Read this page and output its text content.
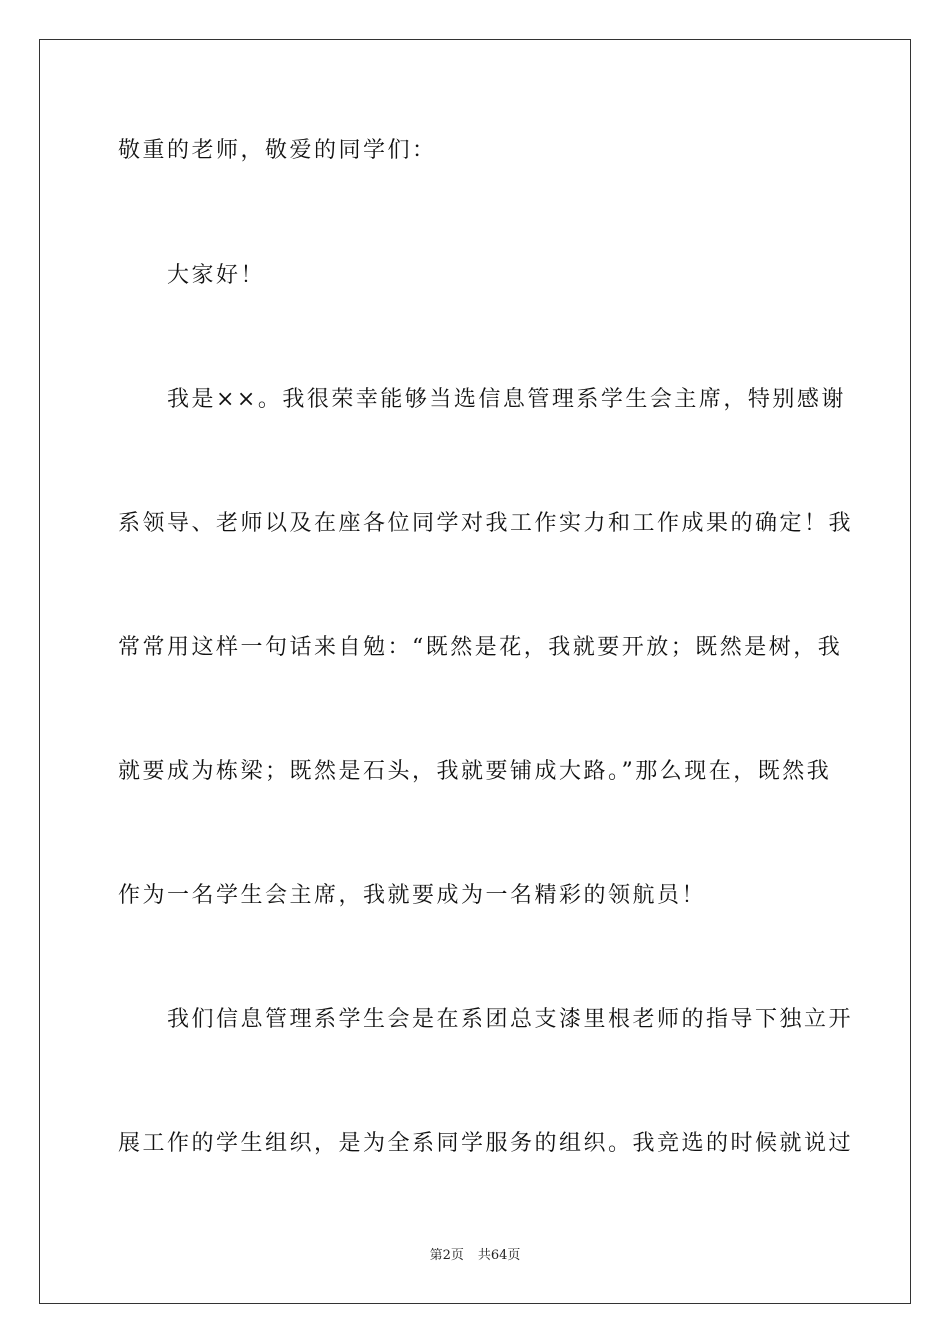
敬重的老师，敬爱的同学们：
　　大家好！
　　我是××。我很荣幸能够当选信息管理系学生会主席，特别感谢
系领导、老师以及在座各位同学对我工作实力和工作成果的确定！我
常常用这样一句话来自勉：“既然是花，我就要开放；既然是树，我
就要成为栋梁；既然是石头，我就要铺成大路。”那么现在，既然我
作为一名学生会主席，我就要成为一名精彩的领航员！
　　我们信息管理系学生会是在系团总支漆里根老师的指导下独立开
展工作的学生组织，是为全系同学服务的组织。我竞选的时候就说过
第2页 共64页
